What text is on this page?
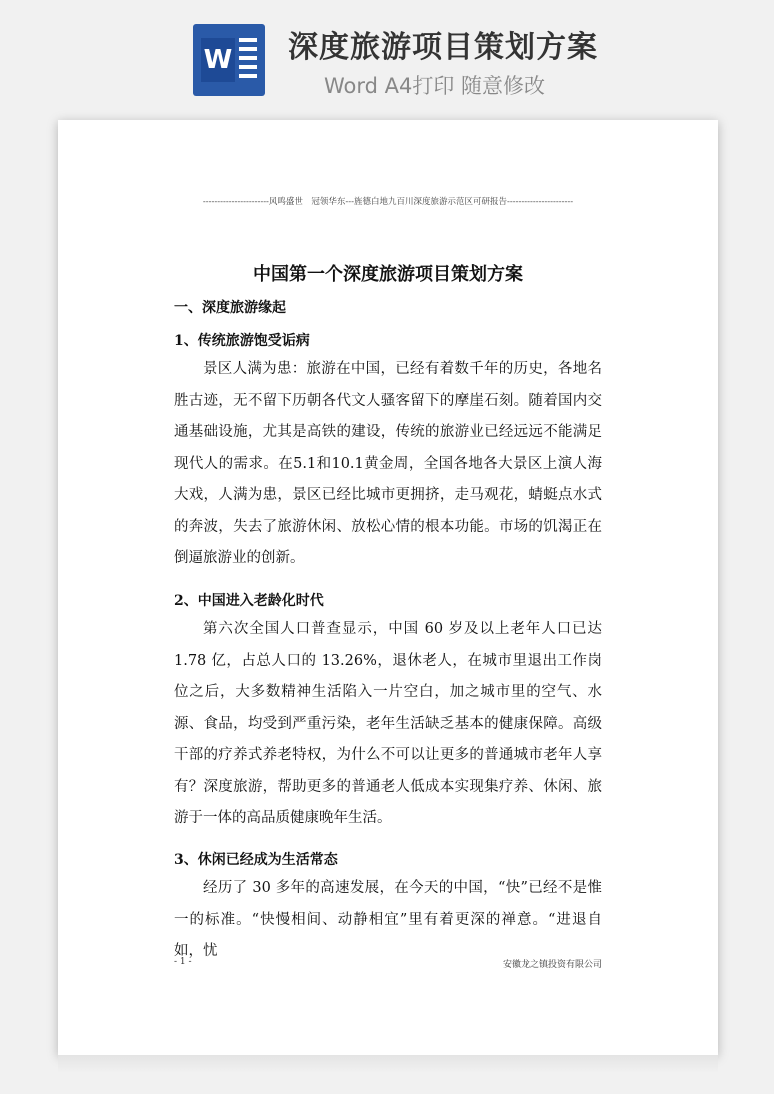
W 深度旅游项目策划方案
Word A4打印 随意修改
-----------------------风鸣盛世　冠领华东---旌德白地九百川深度旅游示范区可研报告-----------------------
中国第一个深度旅游项目策划方案
一、深度旅游缘起
1、传统旅游饱受诟病

景区人满为患：旅游在中国，已经有着数千年的历史，各地名胜古迹，无不留下历朝各代文人骚客留下的摩崖石刻。随着国内交通基础设施，尤其是高铁的建设，传统的旅游业已经远远不能满足现代人的需求。在5.1和10.1黄金周，全国各地各大景区上演人海大戏，人满为患，景区已经比城市更拥挤，走马观花，蜻蜓点水式的奔波，失去了旅游休闲、放松心情的根本功能。市场的饥渴正在倒逼旅游业的创新。

2、中国进入老龄化时代

第六次全国人口普查显示，中国 60 岁及以上老年人口已达 1.78 亿，占总人口的 13.26%，退休老人，在城市里退出工作岗位之后，大多数精神生活陷入一片空白，加之城市里的空气、水源、食品，均受到严重污染，老年生活缺乏基本的健康保障。高级干部的疗养式养老特权，为什么不可以让更多的普通城市老年人享有？深度旅游，帮助更多的普通老人低成本实现集疗养、休闲、旅游于一体的高品质健康晚年生活。

3、休闲已经成为生活常态

经历了 30 多年的高速发展，在今天的中国，“快”已经不是惟一的标准。“快慢相间、动静相宜”里有着更深的禅意。“进退自如，忧

- 1 -	安徽龙之镇投资有限公司
